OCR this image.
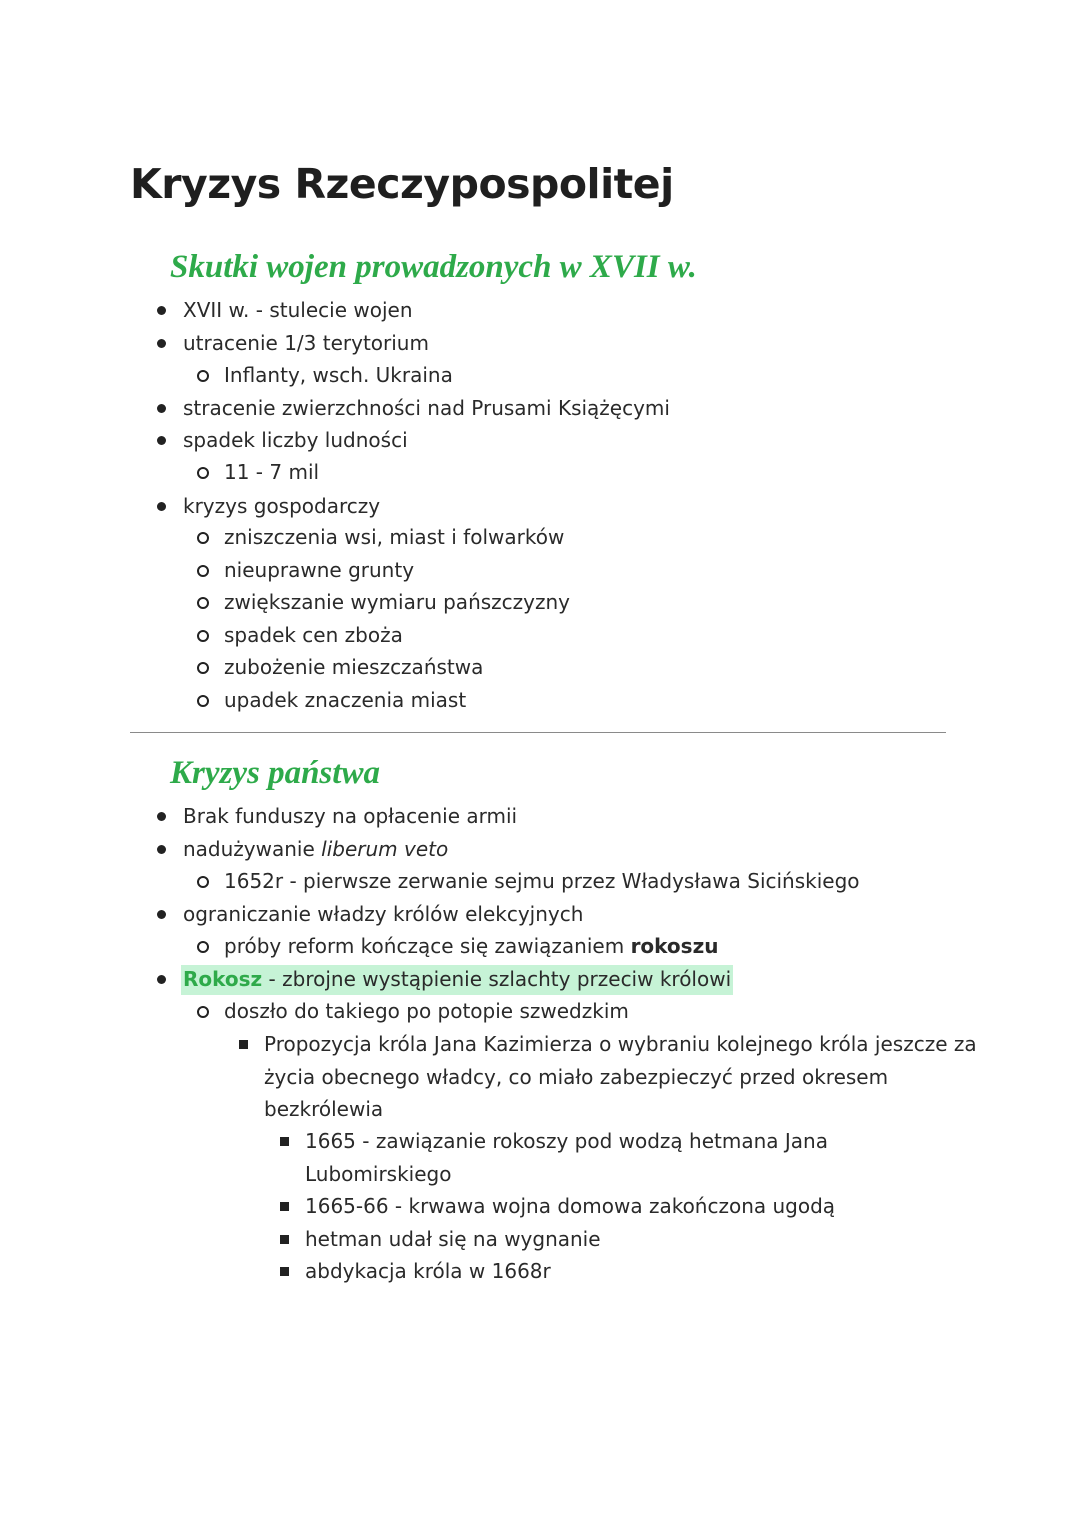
Kryzys Rzeczypospolitej
Skutki wojen prowadzonych w XVII w.
XVII w. - stulecie wojen
utracenie 1/3 terytorium
Inflanty, wsch. Ukraina
stracenie zwierzchności nad Prusami Książęcymi
spadek liczby ludności
11 - 7 mil
kryzys gospodarczy
zniszczenia wsi, miast i folwarków
nieuprawne grunty
zwiększanie wymiaru pańszczyzny
spadek cen zboża
zubożenie mieszczaństwa
upadek znaczenia miast
Kryzys państwa
Brak funduszy na opłacenie armii
nadużywanie liberum veto
1652r - pierwsze zerwanie sejmu przez Władysława Sicińskiego
ograniczanie władzy królów elekcyjnych
próby reform kończące się zawiązaniem rokoszu
Rokosz - zbrojne wystąpienie szlachty przeciw królowi
doszło do takiego po potopie szwedzkim
Propozycja króla Jana Kazimierza o wybraniu kolejnego króla jeszcze za
życia obecnego władcy, co miało zabezpieczyć przed okresem
bezkrólewia
1665 - zawiązanie rokoszy pod wodzą hetmana Jana
Lubomirskiego
1665-66 - krwawa wojna domowa zakończona ugodą
hetman udał się na wygnanie
abdykacja króla w 1668r
